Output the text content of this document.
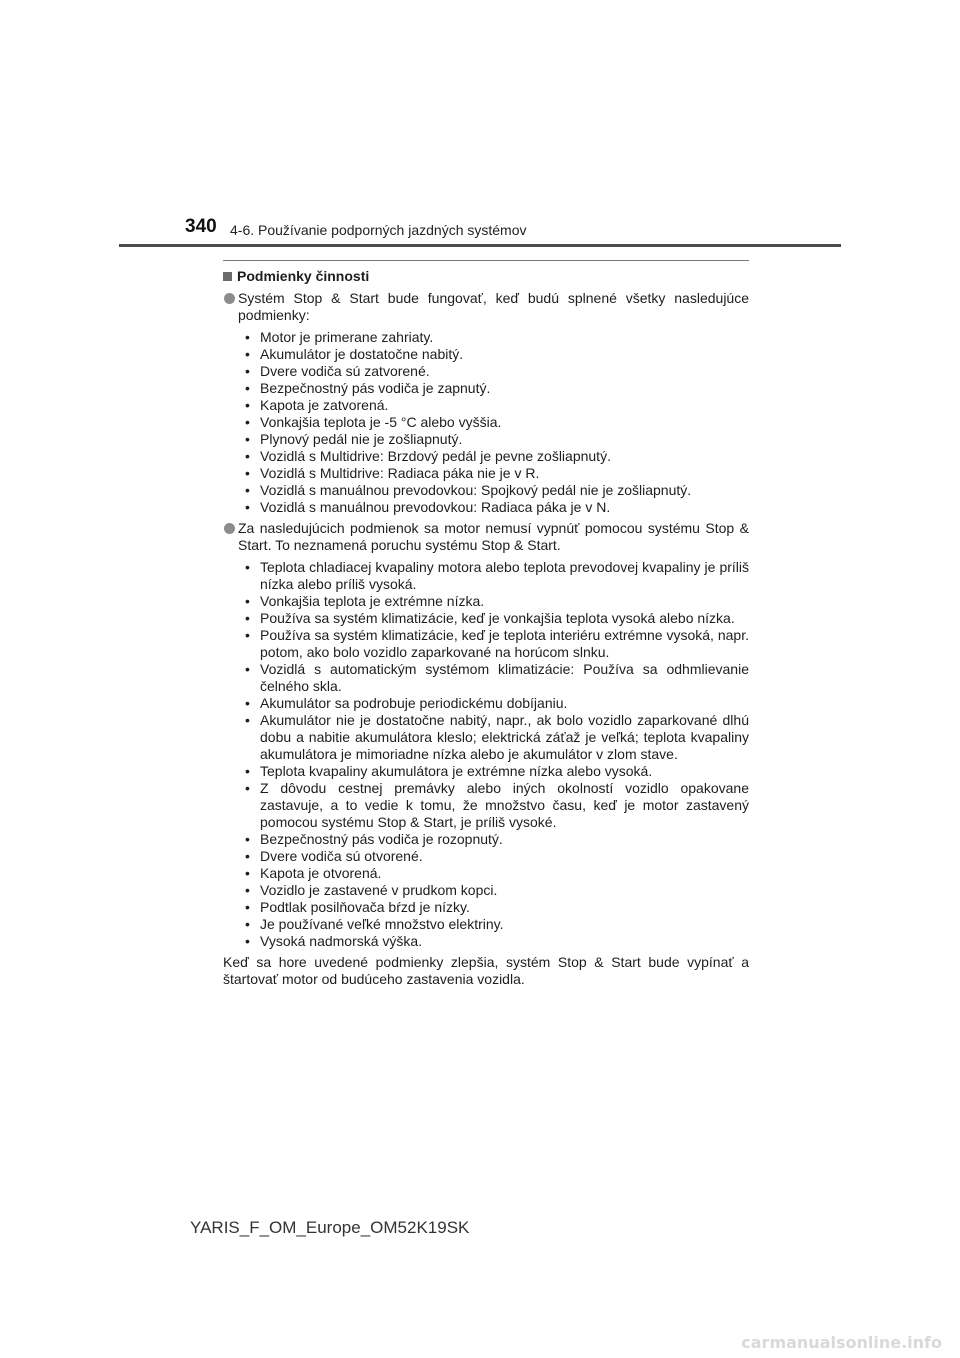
340 4-6. Používanie podporných jazdných systémov
Podmienky činnosti
Systém Stop & Start bude fungovať, keď budú splnené všetky nasledujúce podmienky:
• Motor je primerane zahriaty.
• Akumulátor je dostatočne nabitý.
• Dvere vodiča sú zatvorené.
• Bezpečnostný pás vodiča je zapnutý.
• Kapota je zatvorená.
• Vonkajšia teplota je -5 °C alebo vyššia.
• Plynový pedál nie je zošliapnutý.
• Vozidlá s Multidrive: Brzdový pedál je pevne zošliapnutý.
• Vozidlá s Multidrive: Radiaca páka nie je v R.
• Vozidlá s manuálnou prevodovkou: Spojkový pedál nie je zošliapnutý.
• Vozidlá s manuálnou prevodovkou: Radiaca páka je v N.
Za nasledujúcich podmienok sa motor nemusí vypnúť pomocou systému Stop & Start. To neznamená poruchu systému Stop & Start.
• Teplota chladiacej kvapaliny motora alebo teplota prevodovej kvapaliny je príliš nízka alebo príliš vysoká.
• Vonkajšia teplota je extrémne nízka.
• Používa sa systém klimatizácie, keď je vonkajšia teplota vysoká alebo nízka.
• Používa sa systém klimatizácie, keď je teplota interiéru extrémne vysoká, napr. potom, ako bolo vozidlo zaparkované na horúcom slnku.
• Vozidlá s automatickým systémom klimatizácie: Používa sa odhmlievanie čelného skla.
• Akumulátor sa podrobuje periodickému dobíjaniu.
• Akumulátor nie je dostatočne nabitý, napr., ak bolo vozidlo zaparkované dlhú dobu a nabitie akumulátora kleslo; elektrická záťaž je veľká; teplota kvapaliny akumulátora je mimoriadne nízka alebo je akumulátor v zlom stave.
• Teplota kvapaliny akumulátora je extrémne nízka alebo vysoká.
• Z dôvodu cestnej premávky alebo iných okolností vozidlo opakovane zastavuje, a to vedie k tomu, že množstvo času, keď je motor zastavený pomocou systému Stop & Start, je príliš vysoké.
• Bezpečnostný pás vodiča je rozopnutý.
• Dvere vodiča sú otvorené.
• Kapota je otvorená.
• Vozidlo je zastavené v prudkom kopci.
• Podtlak posilňovača bŕzd je nízky.
• Je používané veľké množstvo elektriny.
• Vysoká nadmorská výška.
Keď sa hore uvedené podmienky zlepšia, systém Stop & Start bude vypínať a štartovať motor od budúceho zastavenia vozidla.
YARIS_F_OM_Europe_OM52K19SK
carmanualsonline.info
